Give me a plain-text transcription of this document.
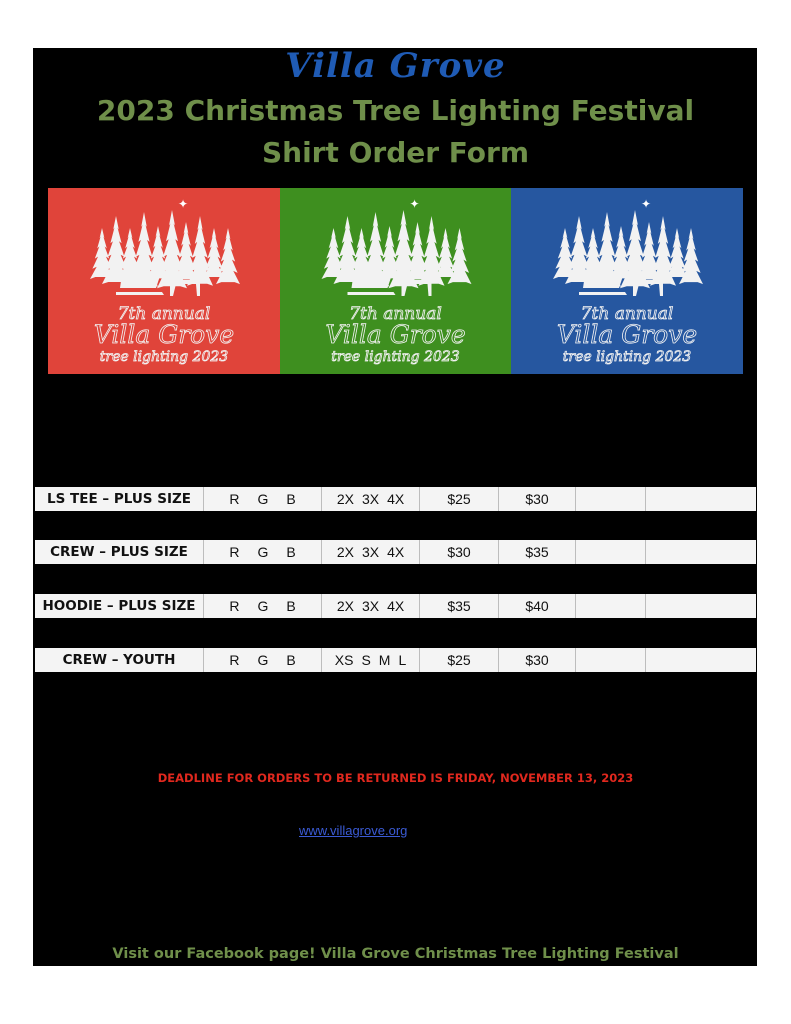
Villa Grove
2023 Christmas Tree Lighting Festival
Shirt Order Form
✦
7th annual
Villa Grove
tree lighting 2023
✦
7th annual
Villa Grove
tree lighting 2023
✦
7th annual
Villa Grove
tree lighting 2023
LS TEE – PLUS SIZE	R G B	2X 3X 4X	$25	$30
CREW – PLUS SIZE	R G B	2X 3X 4X	$30	$35
HOODIE – PLUS SIZE	R G B	2X 3X 4X	$35	$40
CREW – YOUTH	R G B	XS S M L	$25	$30
DEADLINE FOR ORDERS TO BE RETURNED IS FRIDAY, NOVEMBER 13, 2023
www.villagrove.org
Visit our Facebook page! Villa Grove Christmas Tree Lighting Festival
